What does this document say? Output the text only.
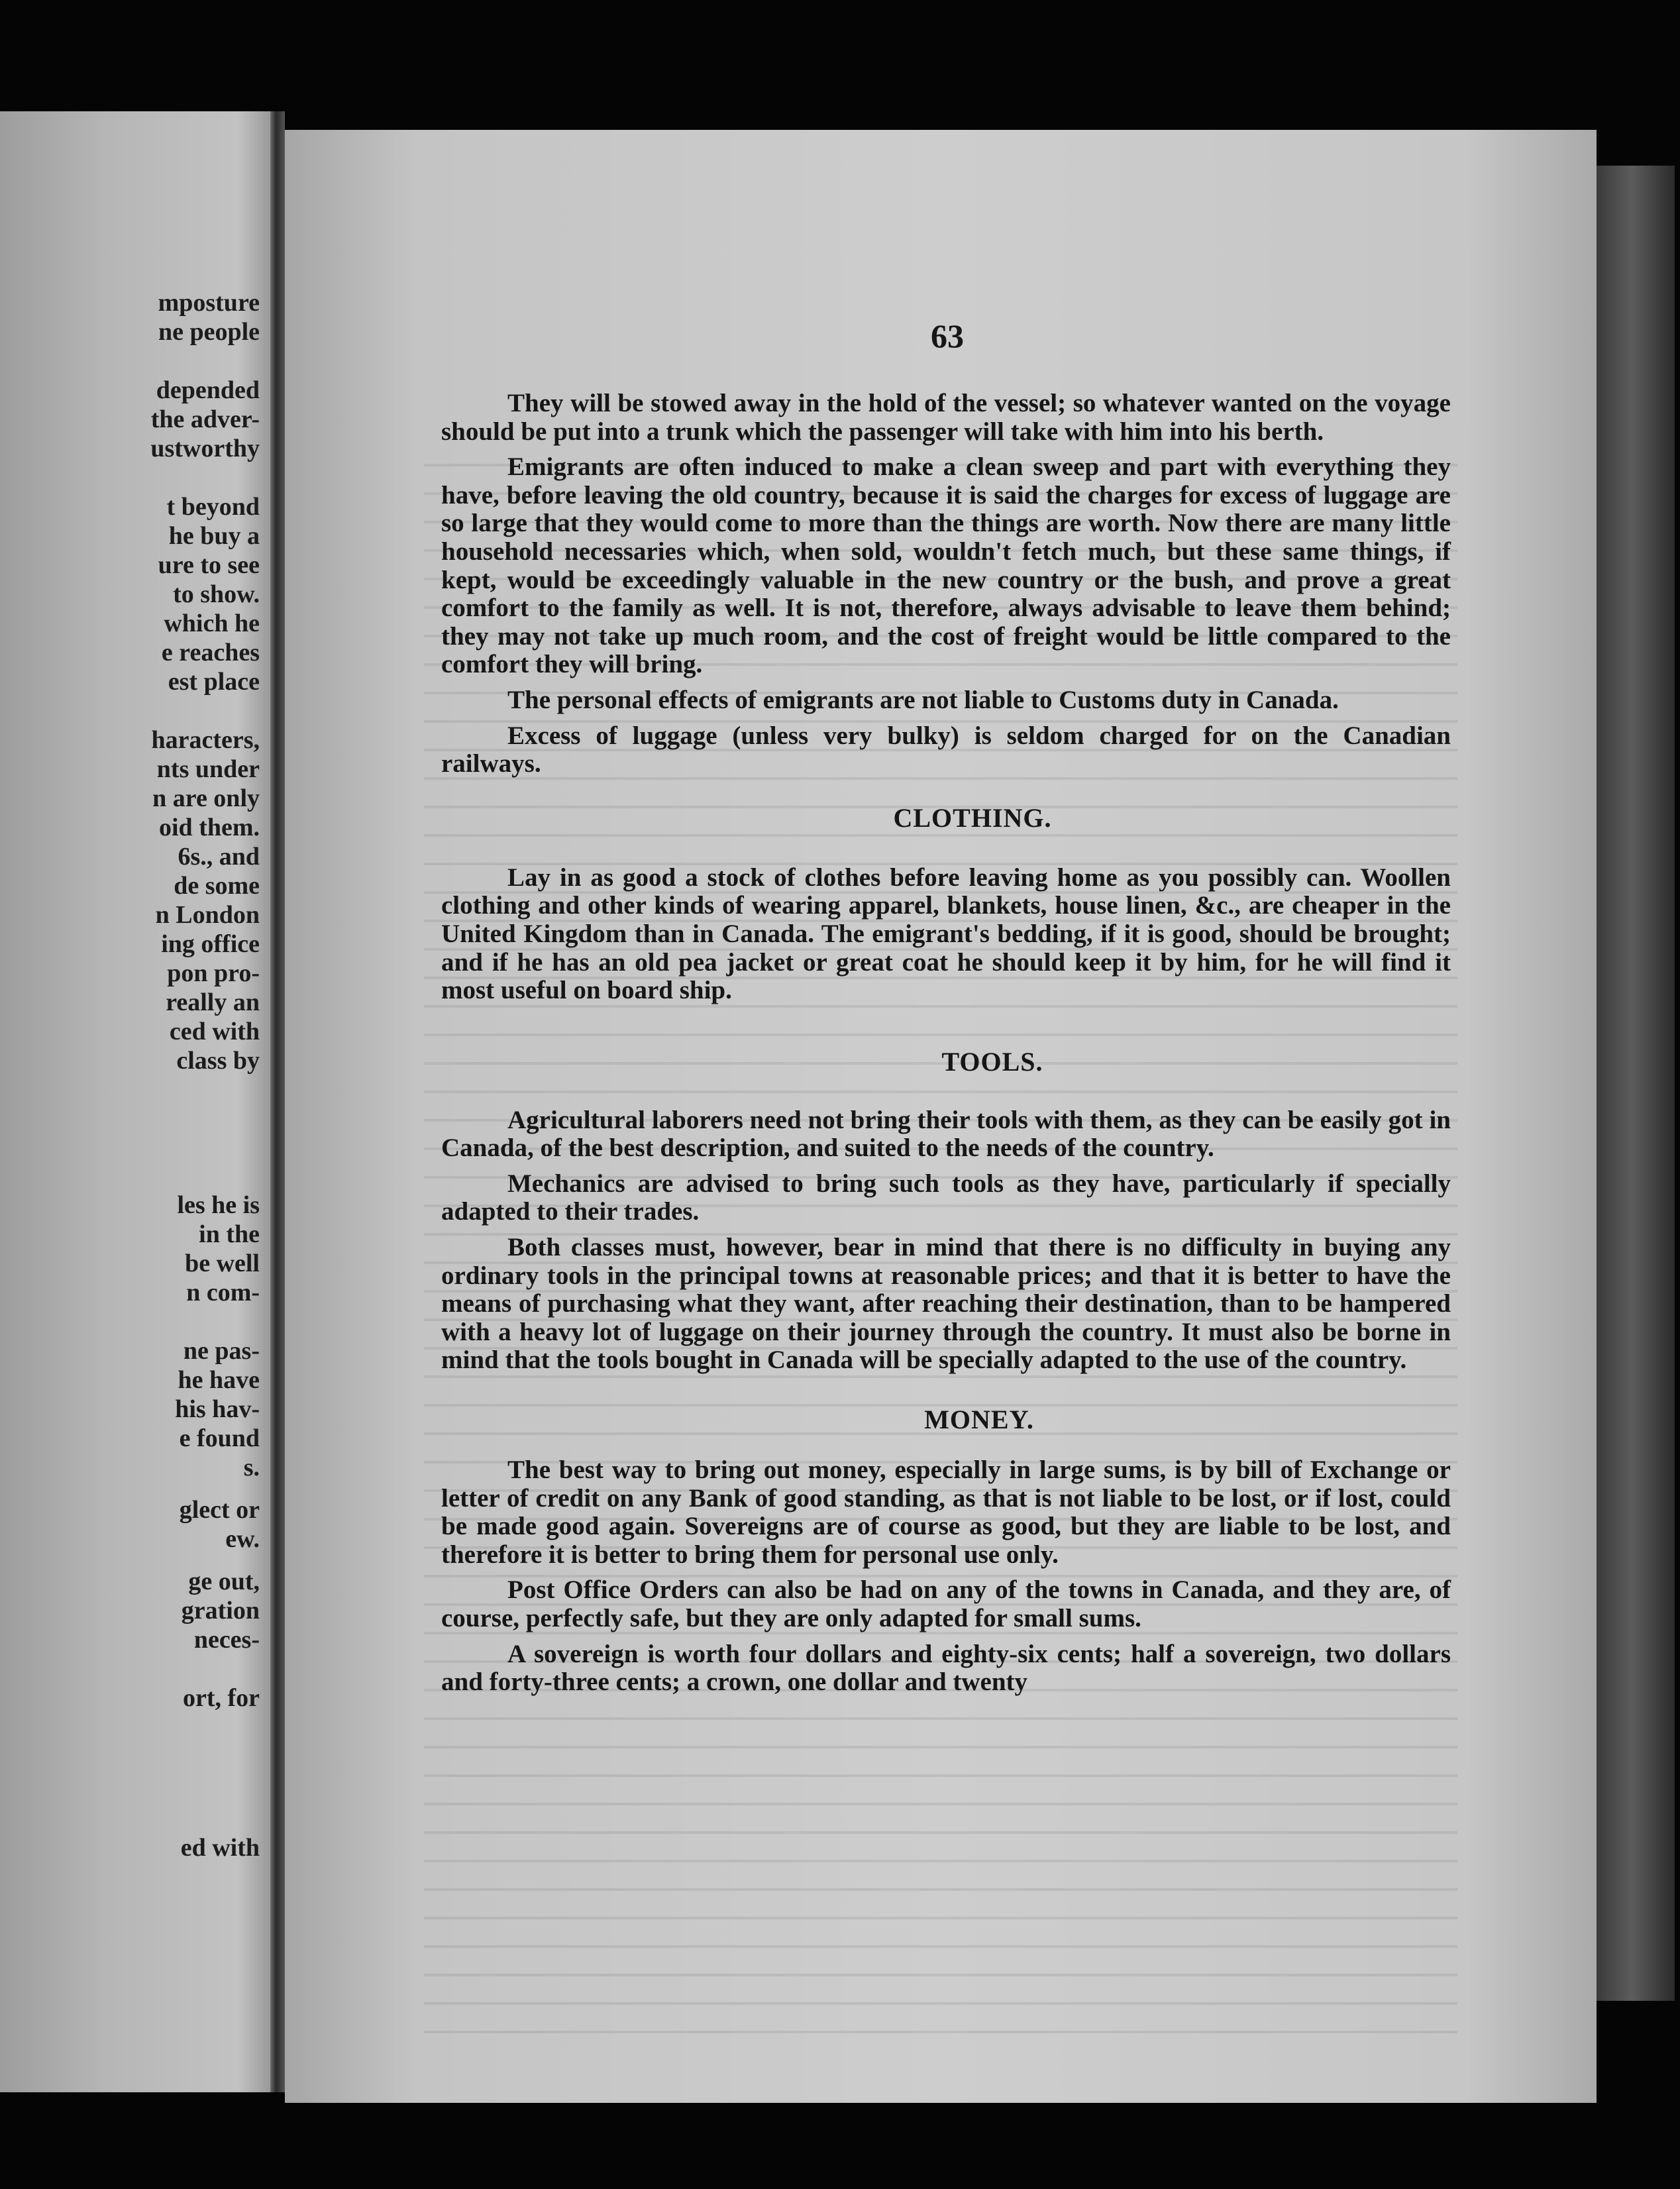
mposture
ne people
depended
the adver-
ustworthy
t beyond
he buy a
ure to see
to show.
which he
e reaches
est place
haracters,
nts under
n are only
oid them.
6s., and
de some
n London
ing office
pon pro-
really an
ced with
class by
les he is
in the
be well
n com-
ne pas-
he have
his hav-
e found
s.
glect or
ew.
ge out,
gration
neces-
ort, for
ed with
63

They will be stowed away in the hold of the vessel; so whatever wanted on the voyage should be put into a trunk which the passenger will take with him into his berth.

Emigrants are often induced to make a clean sweep and part with everything they have, before leaving the old country, because it is said the charges for excess of luggage are so large that they would come to more than the things are worth. Now there are many little household necessaries which, when sold, wouldn't fetch much, but these same things, if kept, would be exceedingly valuable in the new country or the bush, and prove a great comfort to the family as well. It is not, therefore, always advisable to leave them behind; they may not take up much room, and the cost of freight would be little compared to the comfort they will bring.

The personal effects of emigrants are not liable to Customs duty in Canada.

Excess of luggage (unless very bulky) is seldom charged for on the Canadian railways.

CLOTHING.

Lay in as good a stock of clothes before leaving home as you possibly can. Woollen clothing and other kinds of wearing apparel, blankets, house linen, &c., are cheaper in the United Kingdom than in Canada. The emigrant's bedding, if it is good, should be brought; and if he has an old pea jacket or great coat he should keep it by him, for he will find it most useful on board ship.

TOOLS.

Agricultural laborers need not bring their tools with them, as they can be easily got in Canada, of the best description, and suited to the needs of the country.

Mechanics are advised to bring such tools as they have, particularly if specially adapted to their trades.

Both classes must, however, bear in mind that there is no difficulty in buying any ordinary tools in the principal towns at reasonable prices; and that it is better to have the means of purchasing what they want, after reaching their destination, than to be hampered with a heavy lot of luggage on their journey through the country. It must also be borne in mind that the tools bought in Canada will be specially adapted to the use of the country.

MONEY.

The best way to bring out money, especially in large sums, is by bill of Exchange or letter of credit on any Bank of good standing, as that is not liable to be lost, or if lost, could be made good again. Sovereigns are of course as good, but they are liable to be lost, and therefore it is better to bring them for personal use only.

Post Office Orders can also be had on any of the towns in Canada, and they are, of course, perfectly safe, but they are only adapted for small sums.

A sovereign is worth four dollars and eighty-six cents; half a sovereign, two dollars and forty-three cents; a crown, one dollar and twenty
